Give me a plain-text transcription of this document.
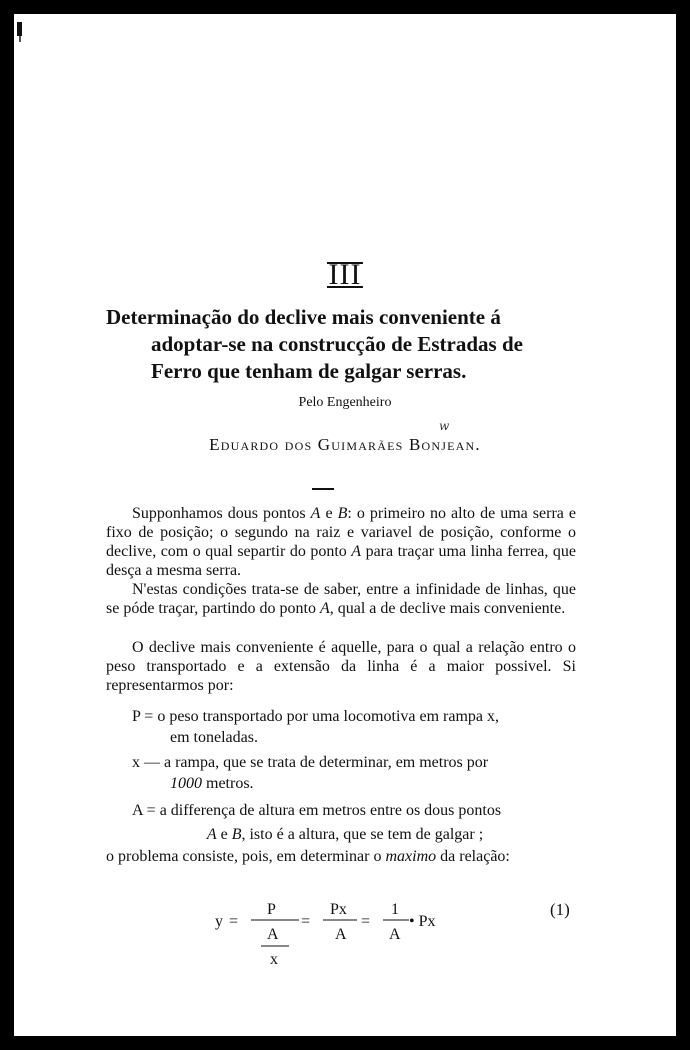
III
Determinação do declive mais conveniente á
adoptar-se na construcção de Estradas de
Ferro que tenham de galgar serras.
Pelo Engenheiro
w
Eduardo dos Guimarães Bonjean.

Supponhamos dous pontos A e B: o primeiro no alto de uma serra e fixo de posição; o segundo na raiz e variavel de posição, conforme o declive, com o qual separtir do ponto A para traçar uma linha ferrea, que desça a mesma serra.

N'estas condições trata-se de saber, entre a infinidade de linhas, que se póde traçar, partindo do ponto A, qual a de declive mais conveniente.

O declive mais conveniente é aquelle, para o qual a relação entro o peso transportado e a extensão da linha é a maior possivel. Si representarmos por:

P = o peso transportado por uma locomotiva em rampa x,
em toneladas.
x — a rampa, que se trata de determinar, em metros por
1000 metros.
A = a differença de altura em metros entre os dous pontos
A e B, isto é a altura, que se tem de galgar ;
o problema consiste, pois, em determinar o maximo da relação:
y =
P
A
x
=
Px
A
=
1
A
• Px
(1)
